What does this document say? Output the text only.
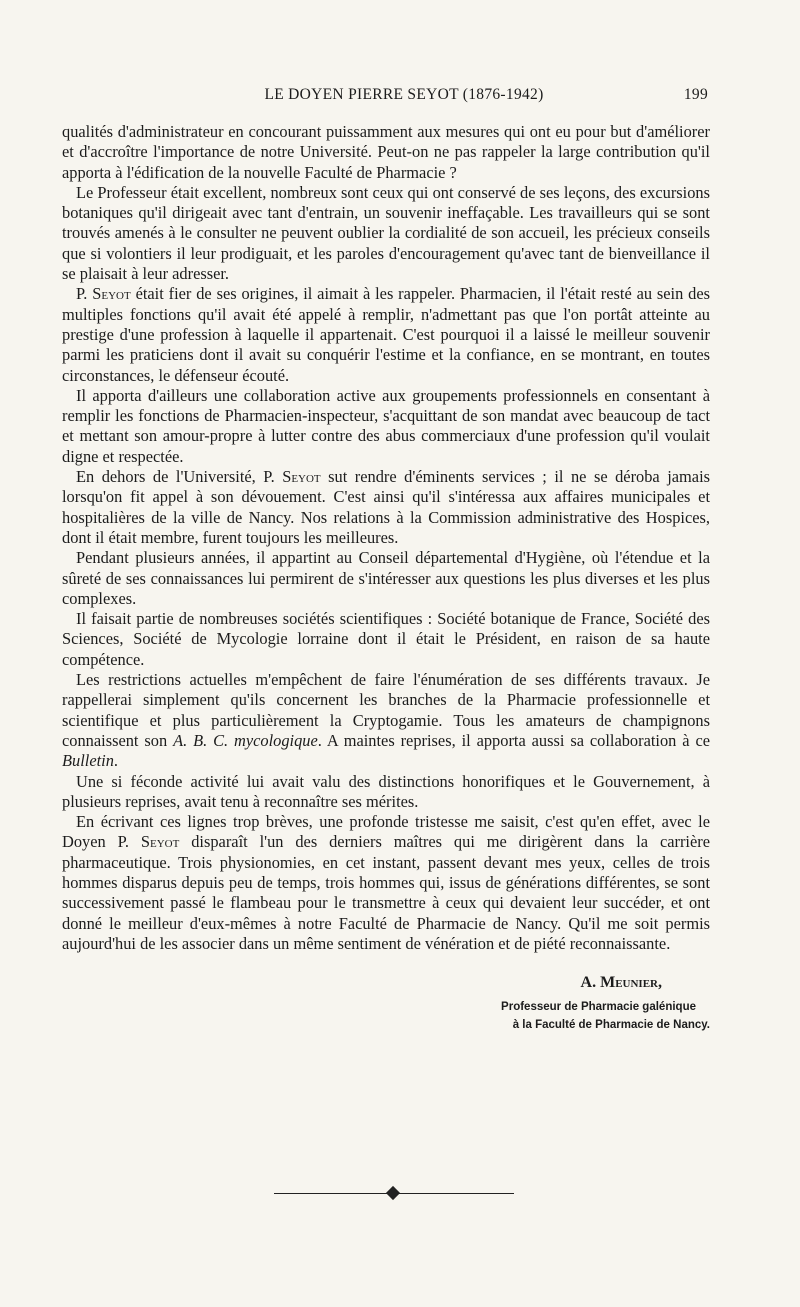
LE DOYEN PIERRE SEYOT (1876-1942)	199

qualités d'administrateur en concourant puissamment aux mesures qui ont eu pour but d'améliorer et d'accroître l'importance de notre Université. Peut-on ne pas rappeler la large contribution qu'il apporta à l'édification de la nouvelle Faculté de Pharmacie ?

Le Professeur était excellent, nombreux sont ceux qui ont conservé de ses leçons, des excursions botaniques qu'il dirigeait avec tant d'entrain, un souvenir ineffaçable. Les travailleurs qui se sont trouvés amenés à le consulter ne peuvent oublier la cordialité de son accueil, les précieux conseils que si volontiers il leur prodiguait, et les paroles d'encouragement qu'avec tant de bienveillance il se plaisait à leur adresser.

P. Seyot était fier de ses origines, il aimait à les rappeler. Pharmacien, il l'était resté au sein des multiples fonctions qu'il avait été appelé à remplir, n'admettant pas que l'on portât atteinte au prestige d'une profession à laquelle il appartenait. C'est pourquoi il a laissé le meilleur souvenir parmi les praticiens dont il avait su conquérir l'estime et la confiance, en se montrant, en toutes circonstances, le défenseur écouté.

Il apporta d'ailleurs une collaboration active aux groupements professionnels en consentant à remplir les fonctions de Pharmacien-inspecteur, s'acquittant de son mandat avec beaucoup de tact et mettant son amour-propre à lutter contre des abus commerciaux d'une profession qu'il voulait digne et respectée.

En dehors de l'Université, P. Seyot sut rendre d'éminents services ; il ne se déroba jamais lorsqu'on fit appel à son dévouement. C'est ainsi qu'il s'intéressa aux affaires municipales et hospitalières de la ville de Nancy. Nos relations à la Commission administrative des Hospices, dont il était membre, furent toujours les meilleures.

Pendant plusieurs années, il appartint au Conseil départemental d'Hygiène, où l'étendue et la sûreté de ses connaissances lui permirent de s'intéresser aux questions les plus diverses et les plus complexes.

Il faisait partie de nombreuses sociétés scientifiques : Société botanique de France, Société des Sciences, Société de Mycologie lorraine dont il était le Président, en raison de sa haute compétence.

Les restrictions actuelles m'empêchent de faire l'énumération de ses différents travaux. Je rappellerai simplement qu'ils concernent les branches de la Pharmacie professionnelle et scientifique et plus particulièrement la Cryptogamie. Tous les amateurs de champignons connaissent son A. B. C. mycologique. A maintes reprises, il apporta aussi sa collaboration à ce Bulletin.

Une si féconde activité lui avait valu des distinctions honorifiques et le Gouvernement, à plusieurs reprises, avait tenu à reconnaître ses mérites.

En écrivant ces lignes trop brèves, une profonde tristesse me saisit, c'est qu'en effet, avec le Doyen P. Seyot disparaît l'un des derniers maîtres qui me dirigèrent dans la carrière pharmaceutique. Trois physionomies, en cet instant, passent devant mes yeux, celles de trois hommes disparus depuis peu de temps, trois hommes qui, issus de générations différentes, se sont successivement passé le flambeau pour le transmettre à ceux qui devaient leur succéder, et ont donné le meilleur d'eux-mêmes à notre Faculté de Pharmacie de Nancy. Qu'il me soit permis aujourd'hui de les associer dans un même sentiment de vénération et de piété reconnaissante.

A. Meunier,
Professeur de Pharmacie galénique
à la Faculté de Pharmacie de Nancy.
